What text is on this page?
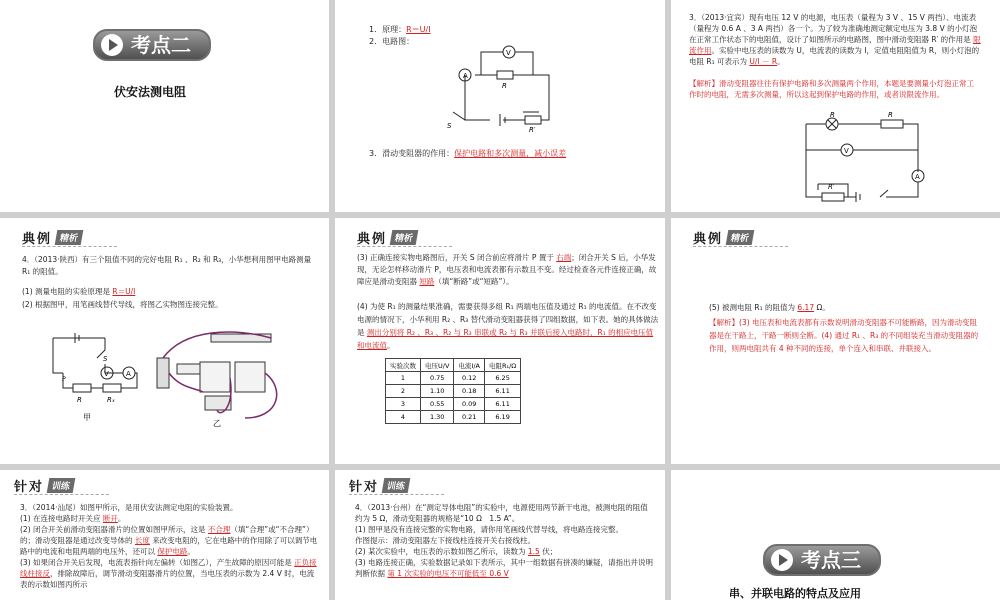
考点二
伏安法测电阻
1．原理：R＝U/I
2．电路图：
A
V
R
S	R′
3．滑动变阻器的作用：保护电路和多次测量，减小误差
3．（2013·宜宾）现有电压 12 V 的电源，电压表（量程为 3 V 、15 V 两挡）、电流表（量程为 0.6 A 、3 A 两挡）各一个。为了较为准确地测定额定电压为 3.8 V 的小灯泡在正常工作状态下的电阻值，设计了如图所示的电路图，图中滑动变阻器 R′ 的作用是 限流作用。实验中电压表的读数为 U，电流表的读数为 I，定值电阻阻值为 R，则小灯泡的电阻 R₁ 可表示为 U/I － R。
【解析】滑动变阻器往往有保护电路和多次测量两个作用，本题是要测量小灯泡正常工作时的电阻，无需多次测量，所以这起到保护电路的作用，或者说限流作用。
R	R
V
A
R′
典例 精析
4．（2013·陕西）有三个阻值不同的完好电阻 R₁ 、R₂ 和 R₃，小华想利用图甲电路测量 R₁ 的阻值。
(1) 测量电阻的实验原理是 R＝U/I
(2) 根据图甲，用笔画线替代导线，将图乙实物图连接完整。
甲
乙
S
A
V
P
R	Rₓ
典例 精析
(3) 正确连接实物电路图后，开关 S 闭合前应将滑片 P 置于 右端；闭合开关 S 后，小华发现，无论怎样移动滑片 P，电压表和电流表都有示数且不变。经过检查各元件连接正确，故障应是滑动变阻器 短路（填“断路”或“短路”）。
(4) 为使 R₁ 的测量结果准确，需要获得多组 R₁ 两端电压值及通过 R₁ 的电流值。在不改变电源的情况下，小华利用 R₂ 、R₃ 替代滑动变阻器获得了四组数据，如下表。她的具体做法是 测出分别将 R₂ 、R₃ 、R₂ 与 R₃ 串联或 R₂ 与 R₃ 并联后接入电路时，R₁ 的相应电压值和电流值。
实验次数	电压U/V	电流I/A	电阻R₁/Ω
1	0.75	0.12	6.25
2	1.10	0.18	6.11
3	0.55	0.09	6.11
4	1.30	0.21	6.19
典例 精析
(5) 被测电阻 R₁ 的阻值为 6.17 Ω。
【解析】(3) 电压表和电流表都有示数说明滑动变阻器不可能断路，因为滑动变阻器是在干路上，干路一断则全断。(4) 通过 R₁ 、R₃ 的不同组装充当滑动变阻器的作用，则两电阻共有 4 种不同的连接，单个连入和串联、并联接入。
针对 训练
3．（2014·汕尾）如图甲所示，是用伏安法测定电阻的实验装置。
(1) 在连接电路时开关应 断开。
(2) 闭合开关前滑动变阻器滑片的位置如图甲所示，这是 不合理（填“合理”或“不合理”）的；滑动变阻器是通过改变导体的 长度 来改变电阻的，它在电路中的作用除了可以调节电路中的电流和电阻两端的电压外，还可以 保护电路。
(3) 如果闭合开关后发现，电流表指针向左偏转（如图乙），产生故障的原因可能是 正负接线柱接反，排除故障后，调节滑动变阻器滑片的位置，当电压表的示数为 2.4 V 时，电流表的示数如图丙所示
针对 训练
4．（2013·台州）在“测定导体电阻”的实验中，电源使用两节新干电池，被测电阻的阻值约为 5 Ω，滑动变阻器的规格是“10 Ω　1.5 A”。
(1) 图甲是没有连接完整的实物电路，请你用笔画线代替导线，将电路连接完整。
作图提示：滑动变阻器左下接线柱连接开关右接线柱。
(2) 某次实验中，电压表的示数如图乙所示，读数为 1.5 伏；
(3) 电路连接正确，实验数据记录如下表所示，其中一组数据有拼凑的嫌疑，请指出并说明判断依据 第 1 次实验的电压不可能低至 0.6 V
考点三
串、并联电路的特点及应用
